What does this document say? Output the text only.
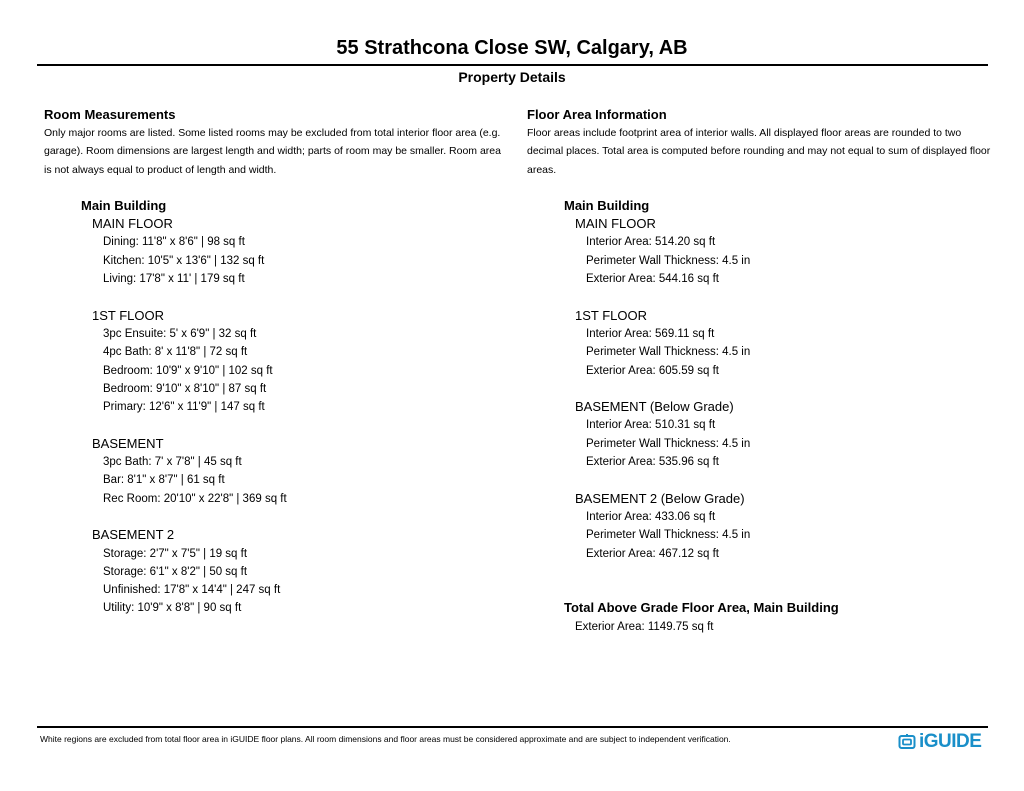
55 Strathcona Close SW, Calgary, AB
Property Details
Room Measurements
Only major rooms are listed. Some listed rooms may be excluded from total interior floor area (e.g. garage). Room dimensions are largest length and width; parts of room may be smaller. Room area is not always equal to product of length and width.
Main Building
MAIN FLOOR
Dining: 11'8" x 8'6" | 98 sq ft
Kitchen: 10'5" x 13'6" | 132 sq ft
Living: 17'8" x 11' | 179 sq ft
1ST FLOOR
3pc Ensuite: 5' x 6'9" | 32 sq ft
4pc Bath: 8' x 11'8" | 72 sq ft
Bedroom: 10'9" x 9'10" | 102 sq ft
Bedroom: 9'10" x 8'10" | 87 sq ft
Primary: 12'6" x 11'9" | 147 sq ft
BASEMENT
3pc Bath: 7' x 7'8" | 45 sq ft
Bar: 8'1" x 8'7" | 61 sq ft
Rec Room: 20'10" x 22'8" | 369 sq ft
BASEMENT 2
Storage: 2'7" x 7'5" | 19 sq ft
Storage: 6'1" x 8'2" | 50 sq ft
Unfinished: 17'8" x 14'4" | 247 sq ft
Utility: 10'9" x 8'8" | 90 sq ft
Floor Area Information
Floor areas include footprint area of interior walls. All displayed floor areas are rounded to two decimal places. Total area is computed before rounding and may not equal to sum of displayed floor areas.
Main Building
MAIN FLOOR
Interior Area: 514.20 sq ft
Perimeter Wall Thickness: 4.5 in
Exterior Area: 544.16 sq ft
1ST FLOOR
Interior Area: 569.11 sq ft
Perimeter Wall Thickness: 4.5 in
Exterior Area: 605.59 sq ft
BASEMENT (Below Grade)
Interior Area: 510.31 sq ft
Perimeter Wall Thickness: 4.5 in
Exterior Area: 535.96 sq ft
BASEMENT 2 (Below Grade)
Interior Area: 433.06 sq ft
Perimeter Wall Thickness: 4.5 in
Exterior Area: 467.12 sq ft
Total Above Grade Floor Area, Main Building
Exterior Area: 1149.75 sq ft
White regions are excluded from total floor area in iGUIDE floor plans. All room dimensions and floor areas must be considered approximate and are subject to independent verification.	iGUIDE
